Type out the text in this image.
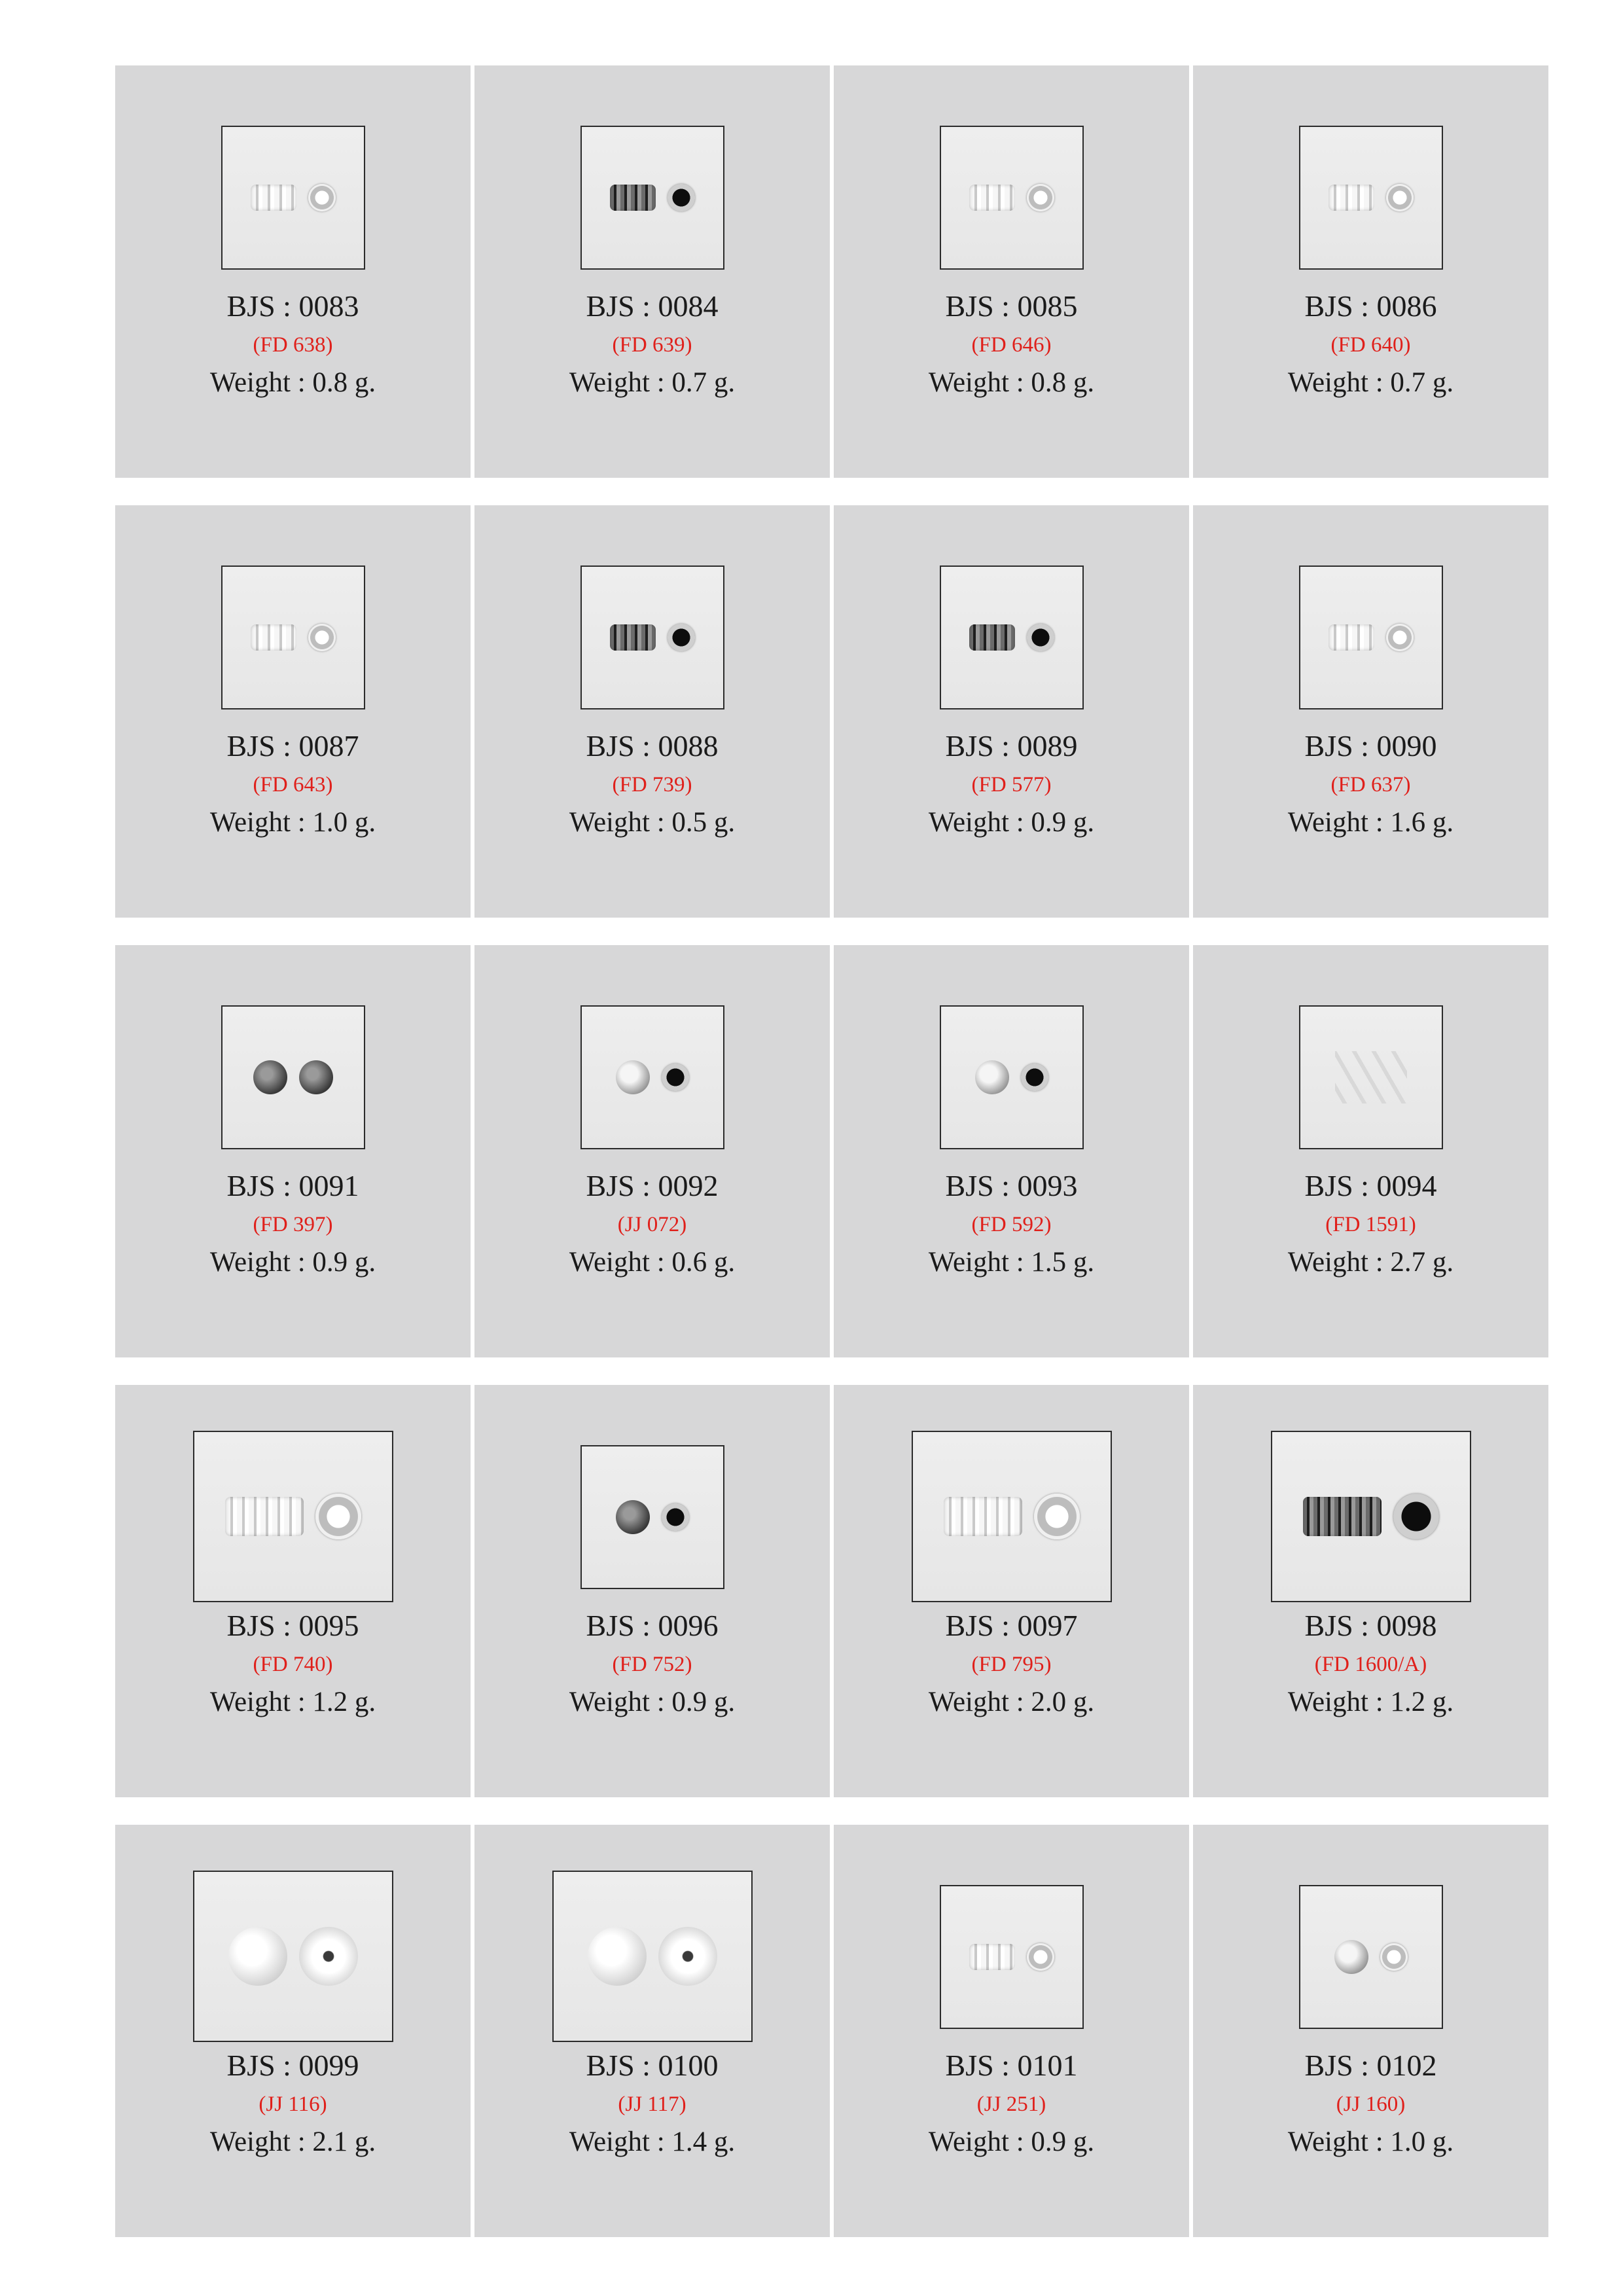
BJS : 0083
(FD 638)
Weight : 0.8 g.
BJS : 0084
(FD 639)
Weight : 0.7 g.
BJS : 0085
(FD 646)
Weight : 0.8 g.
BJS : 0086
(FD 640)
Weight : 0.7 g.
BJS : 0087
(FD 643)
Weight : 1.0 g.
BJS : 0088
(FD 739)
Weight : 0.5 g.
BJS : 0089
(FD 577)
Weight : 0.9 g.
BJS : 0090
(FD 637)
Weight : 1.6 g.
BJS : 0091
(FD 397)
Weight : 0.9 g.
BJS : 0092
(JJ 072)
Weight : 0.6 g.
BJS : 0093
(FD 592)
Weight : 1.5 g.
BJS : 0094
(FD 1591)
Weight : 2.7 g.
BJS : 0095
(FD 740)
Weight : 1.2 g.
BJS : 0096
(FD 752)
Weight : 0.9 g.
BJS : 0097
(FD 795)
Weight : 2.0 g.
BJS : 0098
(FD 1600/A)
Weight : 1.2 g.
BJS : 0099
(JJ 116)
Weight : 2.1 g.
BJS : 0100
(JJ 117)
Weight : 1.4 g.
BJS : 0101
(JJ 251)
Weight : 0.9 g.
BJS : 0102
(JJ 160)
Weight : 1.0 g.
